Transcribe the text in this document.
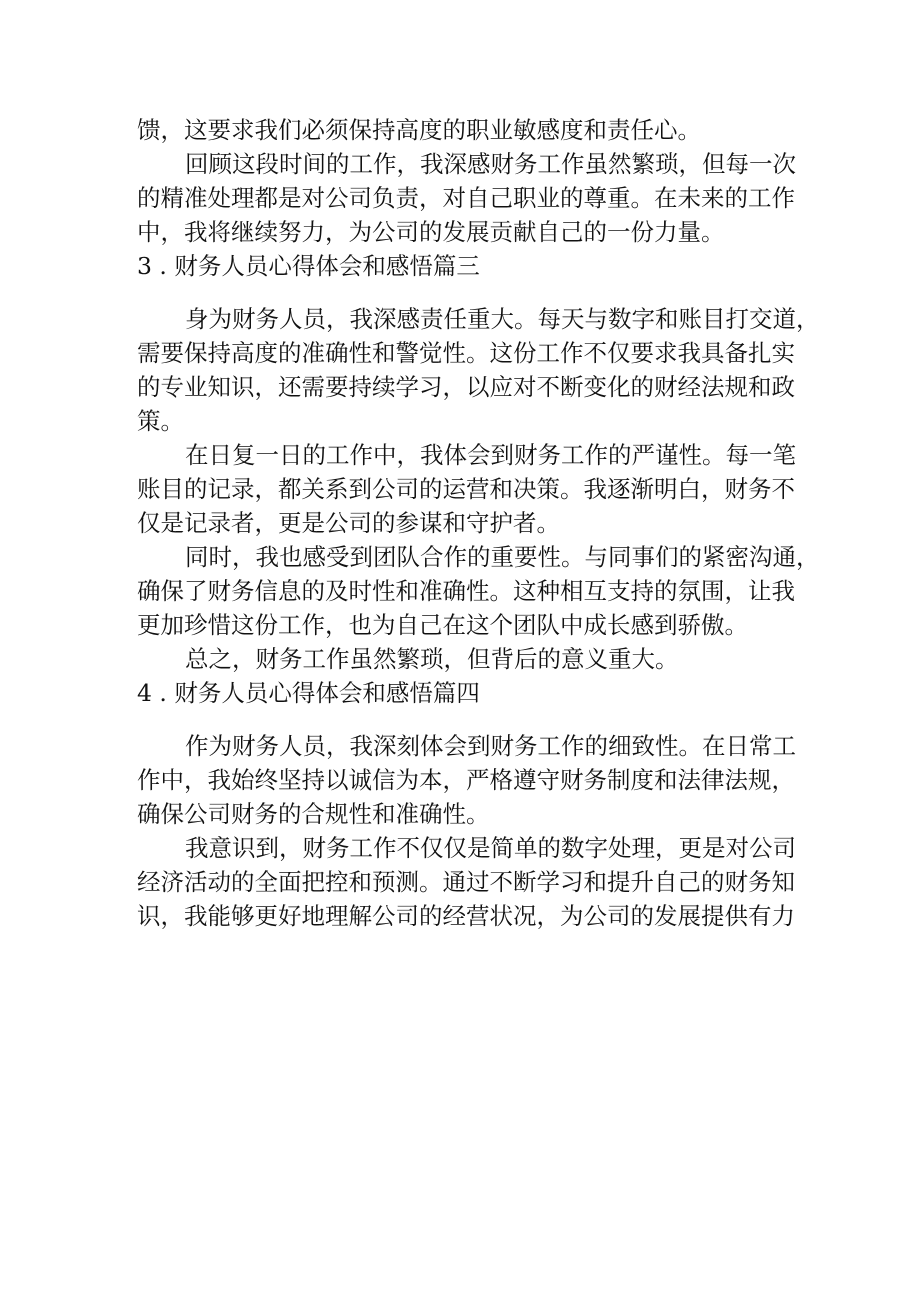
馈，这要求我们必须保持高度的职业敏感度和责任心。

回顾这段时间的工作，我深感财务工作虽然繁琐，但每一次

的精准处理都是对公司负责，对自己职业的尊重。在未来的工作

中，我将继续努力，为公司的发展贡献自己的一份力量。

3 . 财务人员心得体会和感悟篇三

身为财务人员，我深感责任重大。每天与数字和账目打交道，

需要保持高度的准确性和警觉性。这份工作不仅要求我具备扎实

的专业知识，还需要持续学习，以应对不断变化的财经法规和政

策。

在日复一日的工作中，我体会到财务工作的严谨性。每一笔

账目的记录，都关系到公司的运营和决策。我逐渐明白，财务不

仅是记录者，更是公司的参谋和守护者。

同时，我也感受到团队合作的重要性。与同事们的紧密沟通，

确保了财务信息的及时性和准确性。这种相互支持的氛围，让我

更加珍惜这份工作，也为自己在这个团队中成长感到骄傲。

总之，财务工作虽然繁琐，但背后的意义重大。

4 . 财务人员心得体会和感悟篇四

作为财务人员，我深刻体会到财务工作的细致性。在日常工

作中，我始终坚持以诚信为本，严格遵守财务制度和法律法规，

确保公司财务的合规性和准确性。

我意识到，财务工作不仅仅是简单的数字处理，更是对公司

经济活动的全面把控和预测。通过不断学习和提升自己的财务知

识，我能够更好地理解公司的经营状况，为公司的发展提供有力
